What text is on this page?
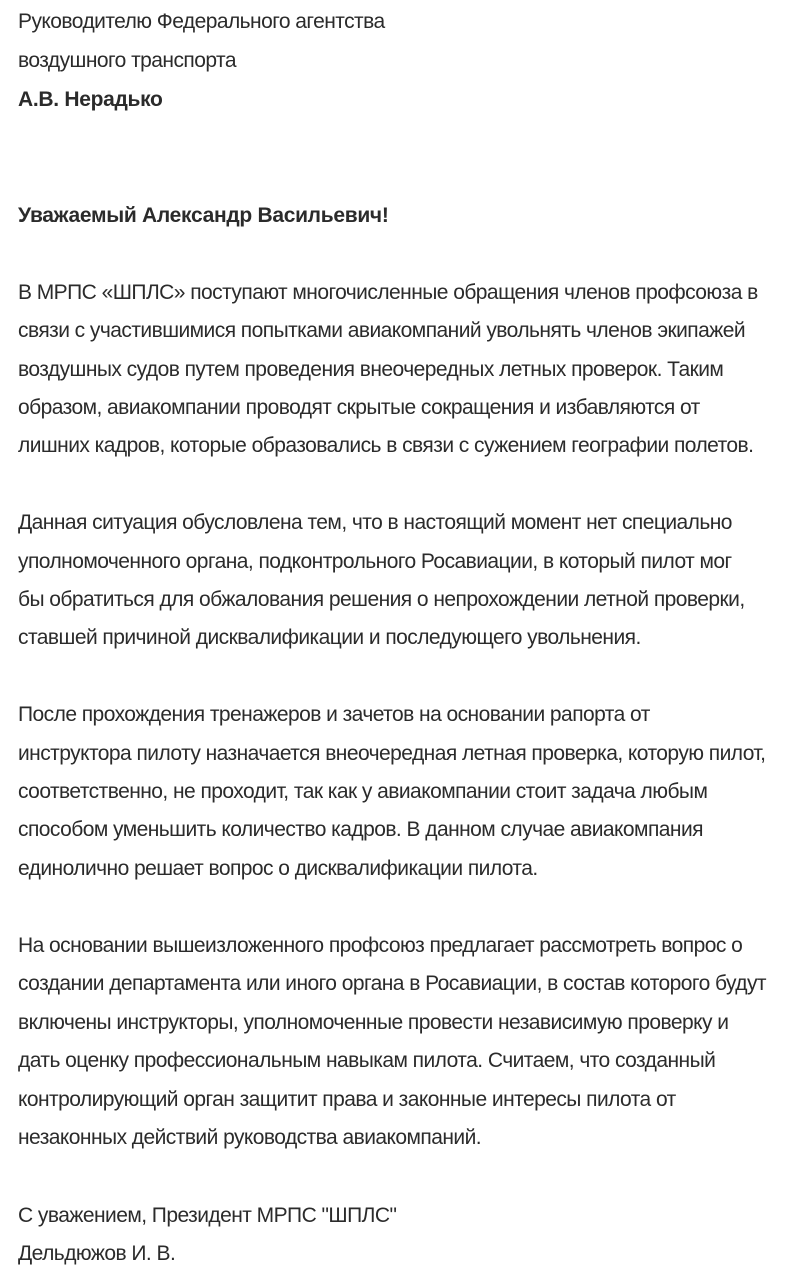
Руководителю Федерального агентства
воздушного транспорта
А.В. Нерадько
Уважаемый Александр Васильевич!
В МРПС «ШПЛС» поступают многочисленные обращения членов профсоюза в
связи с участившимися попытками авиакомпаний увольнять членов экипажей
воздушных судов путем проведения внеочередных летных проверок. Таким
образом, авиакомпании проводят скрытые сокращения и избавляются от
лишних кадров, которые образовались в связи с сужением географии полетов.
Данная ситуация обусловлена тем, что в настоящий момент нет специально
уполномоченного органа, подконтрольного Росавиации, в который пилот мог
бы обратиться для обжалования решения о непрохождении летной проверки,
ставшей причиной дисквалификации и последующего увольнения.
После прохождения тренажеров и зачетов на основании рапорта от
инструктора пилоту назначается внеочередная летная проверка, которую пилот,
соответственно, не проходит, так как у авиакомпании стоит задача любым
способом уменьшить количество кадров. В данном случае авиакомпания
единолично решает вопрос о дисквалификации пилота.
На основании вышеизложенного профсоюз предлагает рассмотреть вопрос о
создании департамента или иного органа в Росавиации, в состав которого будут
включены инструкторы, уполномоченные провести независимую проверку и
дать оценку профессиональным навыкам пилота. Считаем, что созданный
контролирующий орган защитит права и законные интересы пилота от
незаконных действий руководства авиакомпаний.
С уважением, Президент МРПС "ШПЛС"
Дельдюжов И. В.
